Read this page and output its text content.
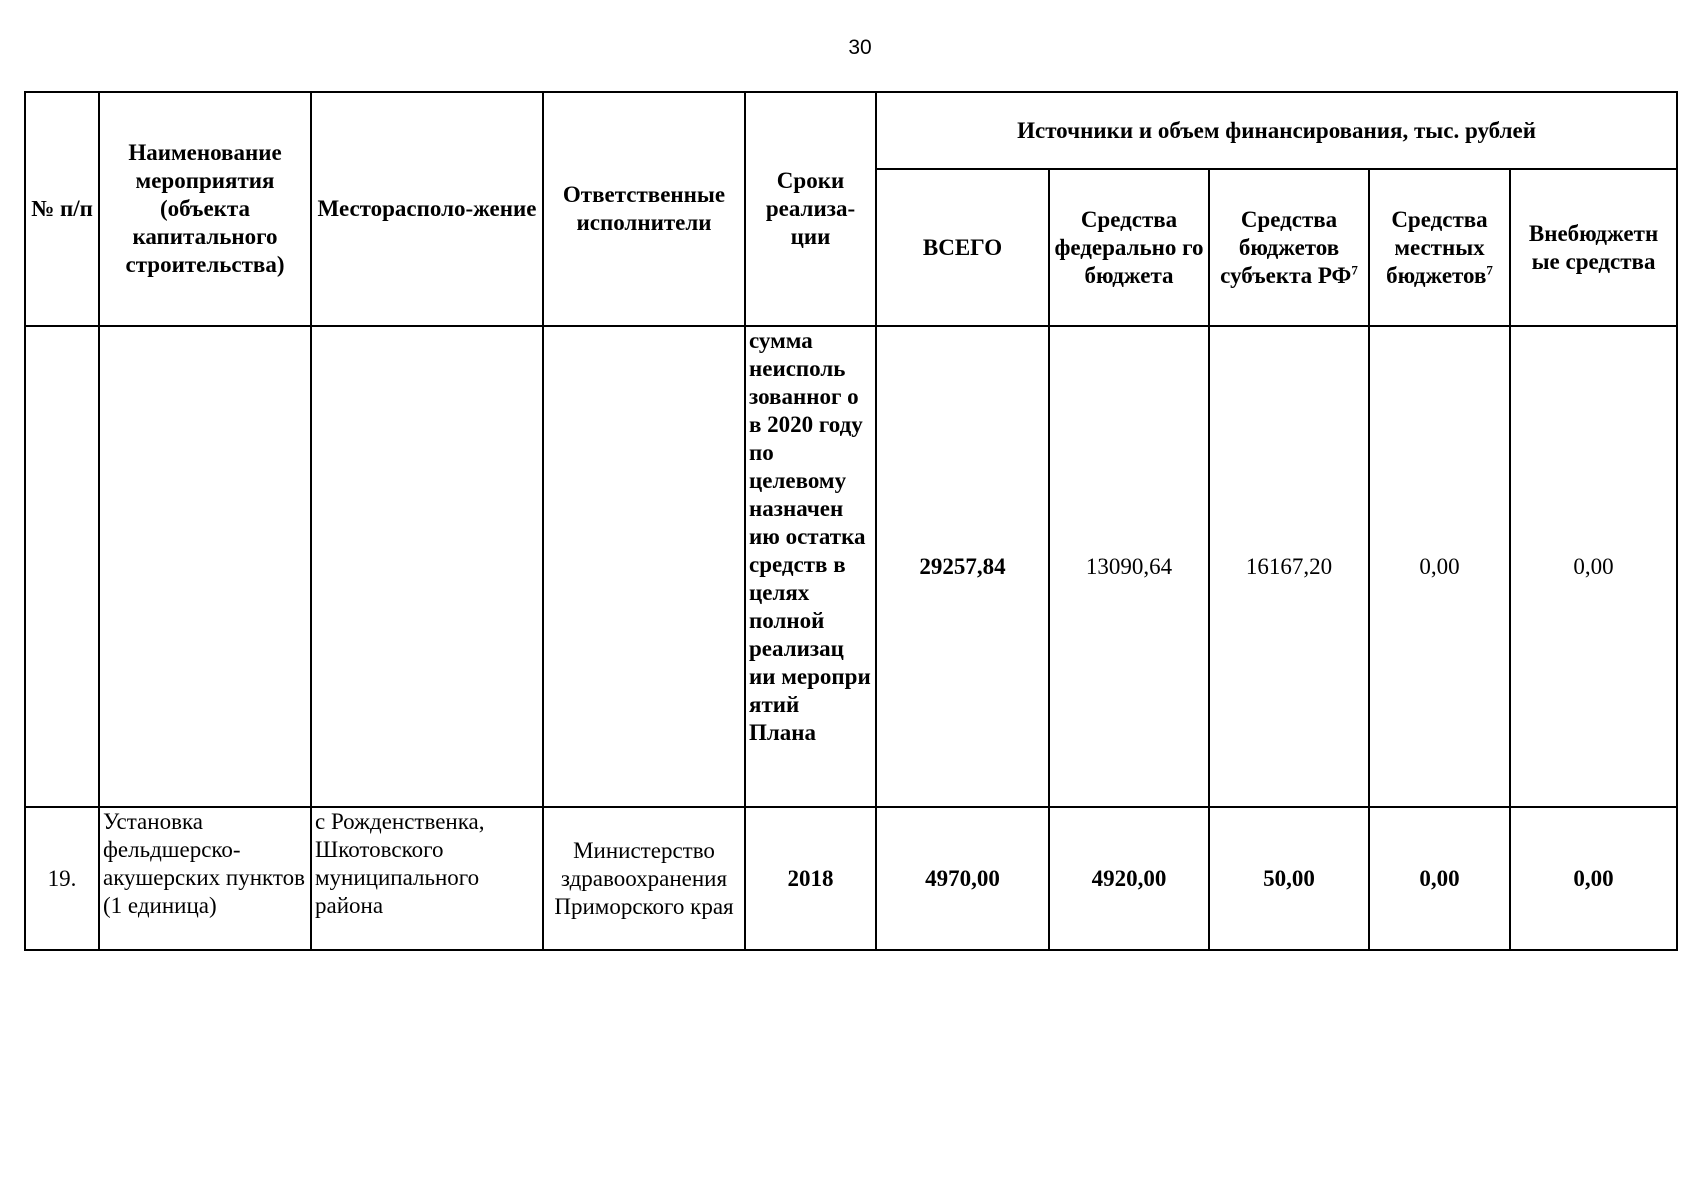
30
№ п/п	Наименование мероприятия (объекта капитального строительства)	Месторасполо-жение	Ответственные исполнители	Сроки реализа-ции	Источники и объем финансирования, тыс. рублей				
					ВСЕГО	Средства федерально го бюджета	Средства бюджетов субъекта $РФ^7$	Средства местных бюджетов$^7$	Внебюджетн ые средства
				сумма неисполь зованног о в 2020 году по целевому назначен ию остатка средств в целях полной реализац ии меропри ятий Плана	29257,84	13090,64	16167,20	0,00	0,00
19.	Установка фельдшерско-акушерских пунктов (1 единица)	с Рожденственка, Шкотовского муниципального района	Министерство здравоохранения Приморского края	2018	4970,00	4920,00	50,00	0,00	0,00
